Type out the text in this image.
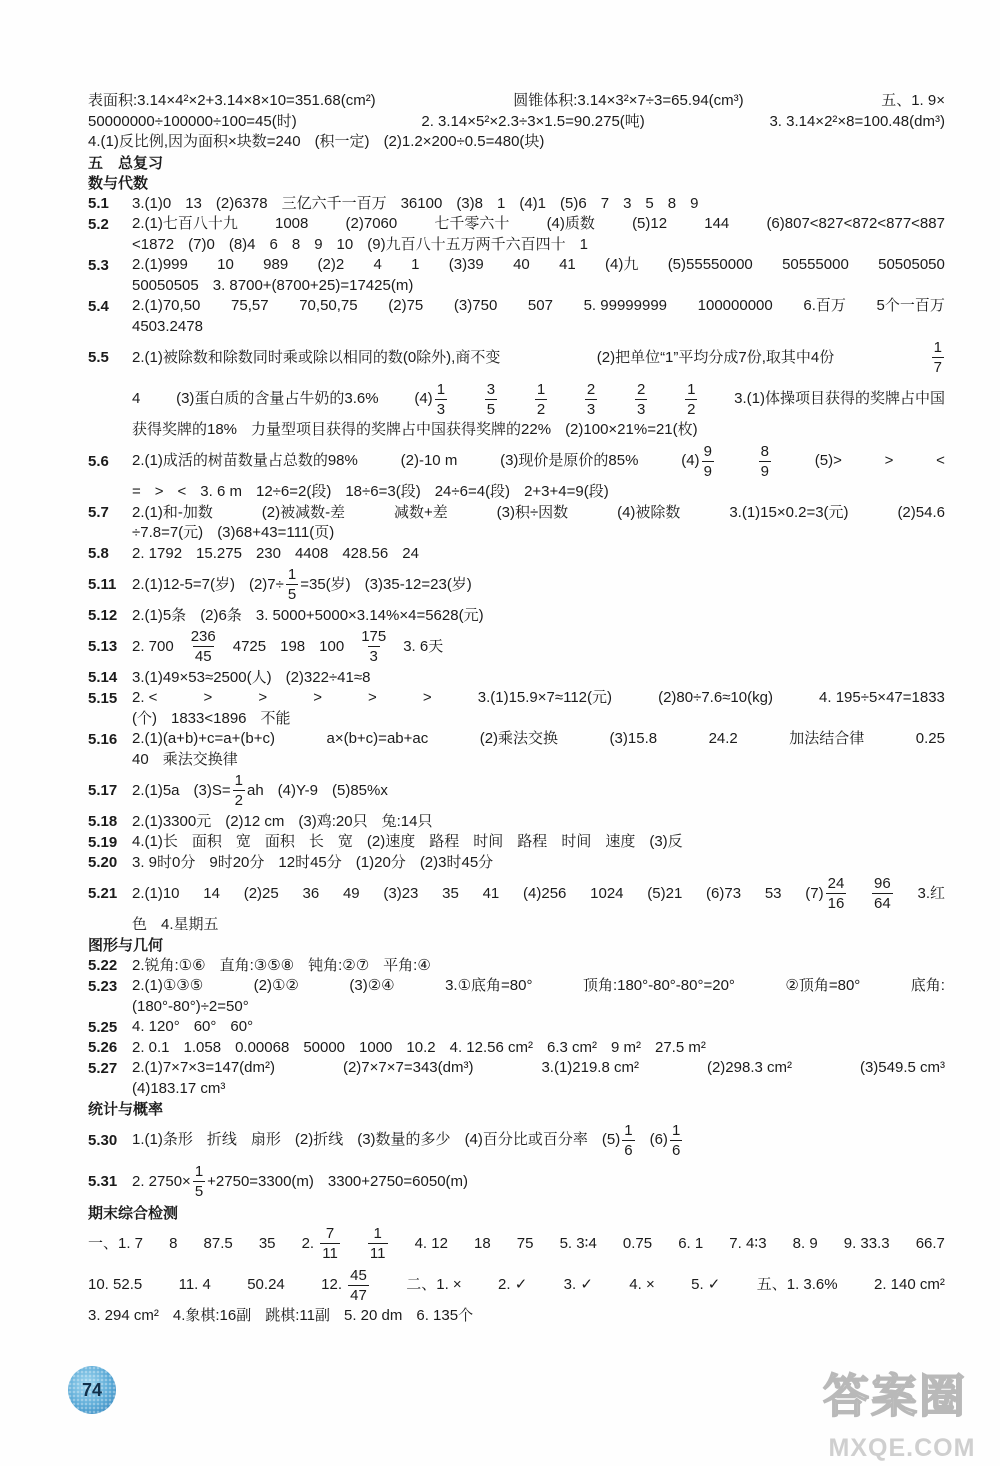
表面积:3.14×4²×2+3.14×8×10=351.68(cm²)	圆锥体积:3.14×3²×7÷3=65.94(cm³)	五、1. 9×
50000000÷100000÷100=45(时)	2. 3.14×5²×2.3÷3×1.5=90.275(吨)	3. 3.14×2²×8=100.48(dm³)
4.(1)反比例,因为面积×块数=240 (积一定) (2)1.2×200÷0.5=480(块)
五　总复习
数与代数
5.1	3.(1)0 13 (2)6378 三亿六千一百万 36100 (3)8 1 (4)1 (5)6 7 3 5 8 9
5.2	2.(1)七百八十九 1008 (2)7060 七千零六十 (4)质数 (5)12 144 (6)807<827<872<877<887
<1872 (7)0 (8)4 6 8 9 10 (9)九百八十五万两千六百四十 1
5.3	2.(1)999 10 989 (2)2 4 1 (3)39 40 41 (4)九 (5)55550000 50555000 50505050
50050505 3. 8700+(8700+25)=17425(m)
5.4	2.(1)70,50 75,57 70,50,75 (2)75 (3)750 507 5. 99999999 100000000 6.百万 5个一百万
4503.2478
5.5	2.(1)被除数和除数同时乘或除以相同的数(0除外),商不变	(2)把单位“1”平均分成7份,取其中4份	$\frac{1}{7}$
4 (3)蛋白质的含量占牛奶的3.6% $(4) \frac{1}{3}$	$\frac{3}{5}$	$\frac{1}{2}$	$\frac{2}{3}$	$\frac{2}{3}$	$\frac{1}{2} 3.(1)$体操项目获得的奖牌占中国
获得奖牌的18% 力量型项目获得的奖牌占中国获得奖牌的22% (2)100×21%=21(枚)
5.6	2.(1)成活的树苗数量占总数的98%	(2)-10 m	(3)现价是原价的85%	$(4) \frac{9}{9}$	$\frac{8}{9}$	(5)>	>	<
= > < 3. 6 m 12÷6=2(段) 18÷6=3(段) 24÷6=4(段) 2+3+4=9(段)
5.7	2.(1)和-加数	(2)被减数-差	减数+差	(3)积÷因数	(4)被除数	3.(1)15×0.2=3(元)	(2)54.6
÷7.8=7(元) (3)68+43=111(页)
5.8	2. 1792 15.275 230 4408 428.56 24
5.11	2.(1)12-5=7(岁) $(2)7\div \frac{1}{5} =35$(岁) (3)35-12=23(岁)
5.12 2.(1)5条 (2)6条 3. 5000+5000×3.14%×4=5628(元)
5.13 2. $700 \frac{236}{45} 4725$ 198 $100 \frac{175}{3} 3$. 6天
5.14 3.(1)49×53≈2500(人) (2)322÷41≈8
5.15 2. <	>	>	>	>	>	3.(1)15.9×7≈112(元)	(2)80÷7.6≈10(kg)	4. 195÷5×47=1833
(个) 1833<1896 不能
5.16 2.(1)(a+b)+c=a+(b+c)	a×(b+c)=ab+ac	(2)乘法交换	(3)15.8	24.2	加法结合律	0.25
40 乘法交换律
5.17 2.(1)5a $(3)S= \frac{1}{2}$ ah (4)Y-9 (5)85%x
5.18 2.(1)3300元 (2)12 cm (3)鸡:20只 兔:14只
5.19 4.(1)长 面积 宽 面积 长 宽 (2)速度 路程 时间 路程 时间 速度 (3)反
5.20 3. 9时0分 9时20分 12时45分 (1)20分 (2)3时45分
5.21 2.(1)10 14 (2)25 36 49 (3)23 35 41 (4)256 1024 (5)21 (6)73 53 $(7) \frac{24}{16} \frac{96}{64} 3$.红
色 4.星期五
图形与几何
5.22 2.锐角:①⑥ 直角:③⑤⑧ 钝角:②⑦ 平角:④
5.23 2.(1)①③⑤	(2)①②	(3)②④	3.①底角=80°	顶角:180°-80°-80°=20°	②顶角=80°	底角:
(180°-80°)÷2=50°
5.25 4. 120° 60° 60°
5.26 2. 0.1 1.058 0.00068 50000 1000 10.2 4. 12.56 cm² 6.3 cm² 9 m² 27.5 m²
5.27 2.(1)7×7×3=147(dm²)	(2)7×7×7=343(dm³)	3.(1)219.8 cm²	(2)298.3 cm²	(3)549.5 cm³
(4)183.17 cm³
统计与概率
5.30 1.(1)条形 折线 扇形 (2)折线 (3)数量的多少 (4)百分比或百分率 $(5) \frac{1}{6} (6) \frac{1}{6}$
5.31 2. $2750\times \frac{1}{5} +2750=3300(m)$ 3300+2750=6050(m)
期末综合检测
一、1. 7 8 87.5 35 2. $\frac{7}{11} \frac{1}{11} 4$. 12 18 75 5. 3∶4 0.75 6. 1 7. 4∶3 8. 9 9. 33.3 66.7
10. 52.5 11. 4 50.24 12. $\frac{45}{47}$ 二、1. × 2. ✓ 3. ✓ 4. × 5. ✓ 五、1. 3.6% 2. 140 cm²
3. 294 cm² 4.象棋:16副 跳棋:11副 5. 20 dm 6. 135个
74	答案圈
MXQE.COM
